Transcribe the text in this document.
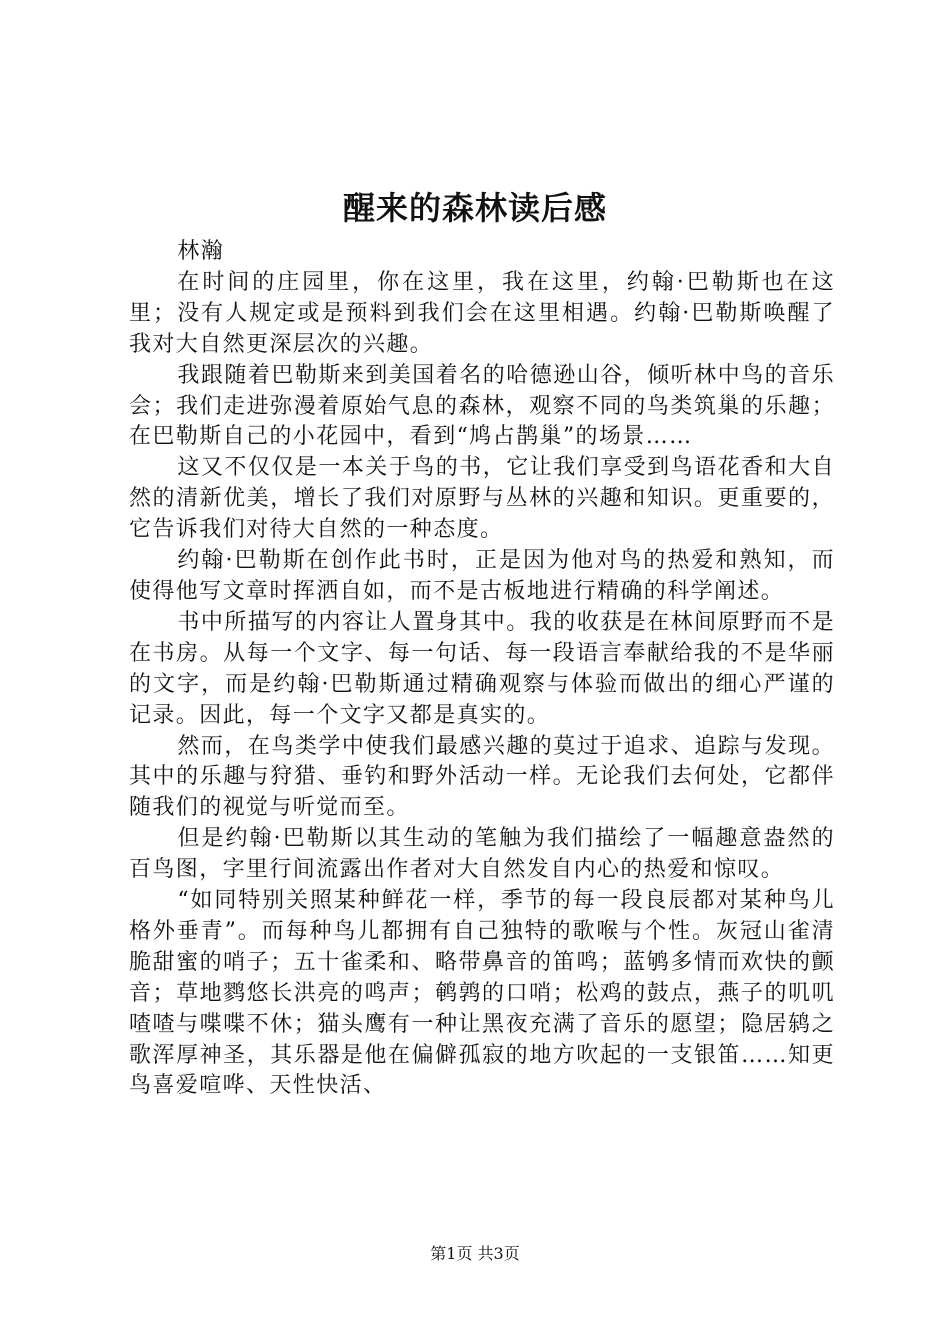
醒来的森林读后感

林瀚

在时间的庄园里，你在这里，我在这里，约翰·巴勒斯也在这里；没有人规定或是预料到我们会在这里相遇。约翰·巴勒斯唤醒了我对大自然更深层次的兴趣。

我跟随着巴勒斯来到美国着名的哈德逊山谷，倾听林中鸟的音乐会；我们走进弥漫着原始气息的森林，观察不同的鸟类筑巢的乐趣；在巴勒斯自己的小花园中，看到“鸠占鹊巢”的场景……

这又不仅仅是一本关于鸟的书，它让我们享受到鸟语花香和大自然的清新优美，增长了我们对原野与丛林的兴趣和知识。更重要的，它告诉我们对待大自然的一种态度。

约翰·巴勒斯在创作此书时，正是因为他对鸟的热爱和熟知，而使得他写文章时挥洒自如，而不是古板地进行精确的科学阐述。

书中所描写的内容让人置身其中。我的收获是在林间原野而不是在书房。从每一个文字、每一句话、每一段语言奉献给我的不是华丽的文字，而是约翰·巴勒斯通过精确观察与体验而做出的细心严谨的记录。因此，每一个文字又都是真实的。

然而，在鸟类学中使我们最感兴趣的莫过于追求、追踪与发现。其中的乐趣与狩猎、垂钓和野外活动一样。无论我们去何处，它都伴随我们的视觉与听觉而至。

但是约翰·巴勒斯以其生动的笔触为我们描绘了一幅趣意盎然的百鸟图，字里行间流露出作者对大自然发自内心的热爱和惊叹。

“如同特别关照某种鲜花一样，季节的每一段良辰都对某种鸟儿格外垂青”。而每种鸟儿都拥有自己独特的歌喉与个性。灰冠山雀清脆甜蜜的哨子；五十雀柔和、略带鼻音的笛鸣；蓝鸲多情而欢快的颤音；草地鹨悠长洪亮的鸣声；鹌鹑的口哨；松鸡的鼓点，燕子的叽叽喳喳与喋喋不休；猫头鹰有一种让黑夜充满了音乐的愿望；隐居鸫之歌浑厚神圣，其乐器是他在偏僻孤寂的地方吹起的一支银笛……知更鸟喜爱喧哗、天性快活、

第1页 共3页
